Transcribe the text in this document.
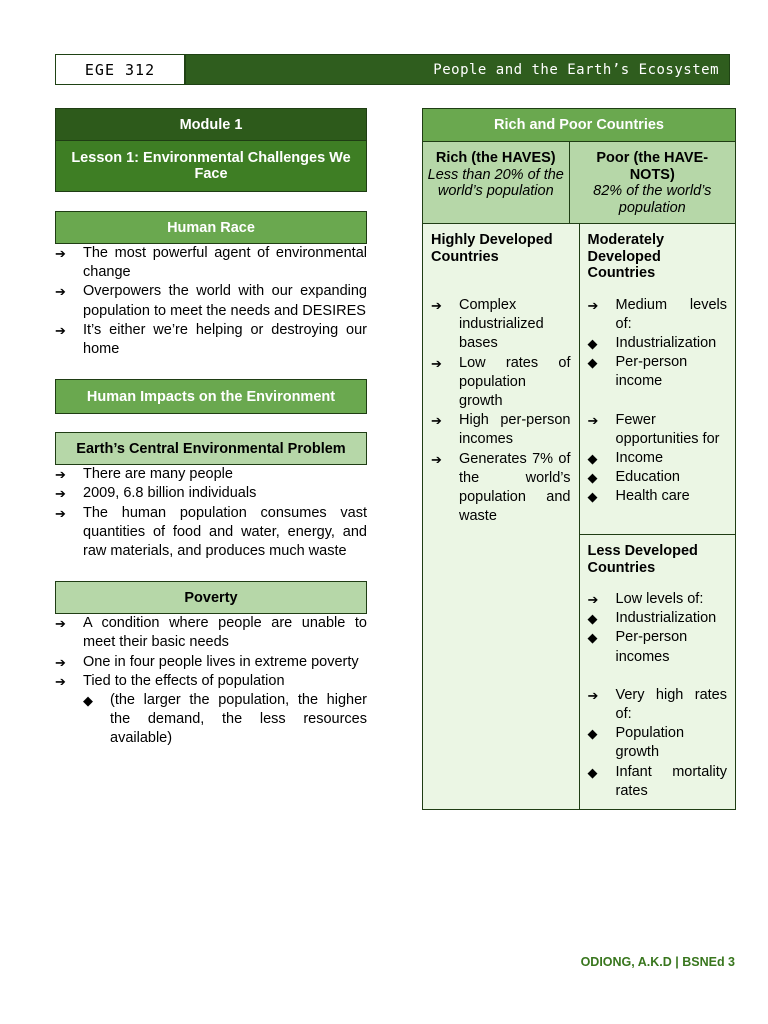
EGE 312	People and the Earth’s Ecosystem
Module 1
Lesson 1: Environmental Challenges We Face
Human Race
➔ The most powerful agent of environmental change
➔ Overpowers the world with our expanding population to meet the needs and DESIRES
➔ It’s either we’re helping or destroying our home
Human Impacts on the Environment
Earth’s Central Environmental Problem
➔ There are many people
➔ 2009, 6.8 billion individuals
➔ The human population consumes vast quantities of food and water, energy, and raw materials, and produces much waste
Poverty
➔ A condition where people are unable to meet their basic needs
➔ One in four people lives in extreme poverty
➔ Tied to the effects of population
◆ (the larger the population, the higher the demand, the less resources available)
Rich and Poor Countries
Rich (the HAVES)
Less than 20% of the world’s population
Poor (the HAVE-NOTS)
82% of the world’s population
Highly Developed Countries
➔ Complex industrialized bases
➔ Low rates of population growth
➔ High per-person incomes
➔ Generates 7% of the world’s population and waste
Moderately Developed Countries
➔ Medium levels of:
◆ Industrialization
◆ Per-person income
➔ Fewer opportunities for
◆ Income
◆ Education
◆ Health care
Less Developed Countries
➔ Low levels of:
◆ Industrialization
◆ Per-person incomes
➔ Very high rates of:
◆ Population growth
◆ Infant mortality rates
ODIONG, A.K.D | BSNEd 3
